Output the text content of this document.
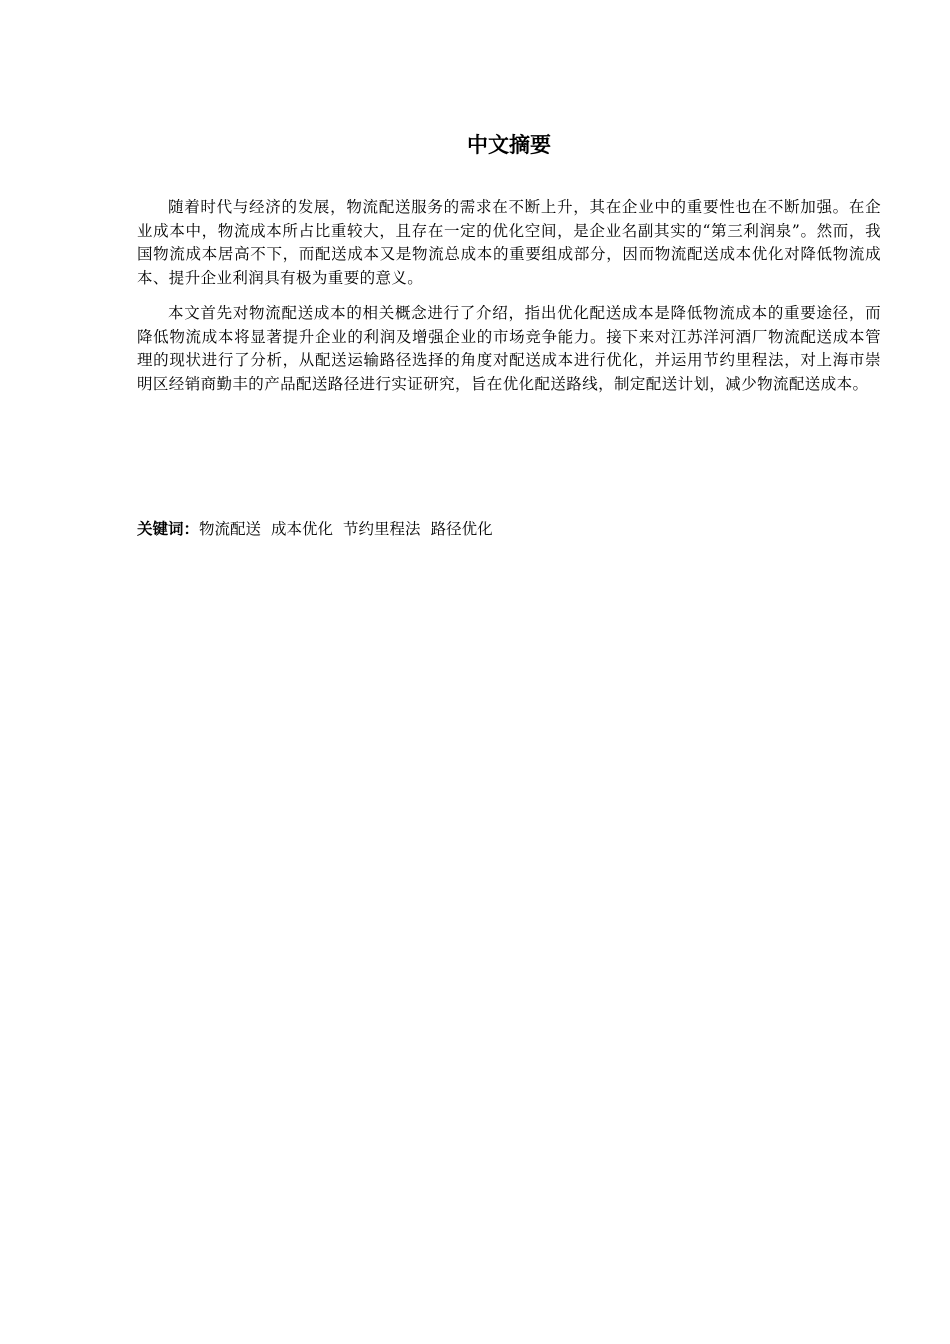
中文摘要

随着时代与经济的发展，物流配送服务的需求在不断上升，其在企业中的重要性也在不断加强。在企业成本中，物流成本所占比重较大，且存在一定的优化空间，是企业名副其实的“第三利润泉”。然而，我国物流成本居高不下，而配送成本又是物流总成本的重要组成部分，因而物流配送成本优化对降低物流成本、提升企业利润具有极为重要的意义。

本文首先对物流配送成本的相关概念进行了介绍，指出优化配送成本是降低物流成本的重要途径，而降低物流成本将显著提升企业的利润及增强企业的市场竞争能力。接下来对江苏洋河酒厂物流配送成本管理的现状进行了分析，从配送运输路径选择的角度对配送成本进行优化，并运用节约里程法，对上海市崇明区经销商勤丰的产品配送路径进行实证研究，旨在优化配送路线，制定配送计划，减少物流配送成本。

关键词：物流配送 成本优化 节约里程法 路径优化
